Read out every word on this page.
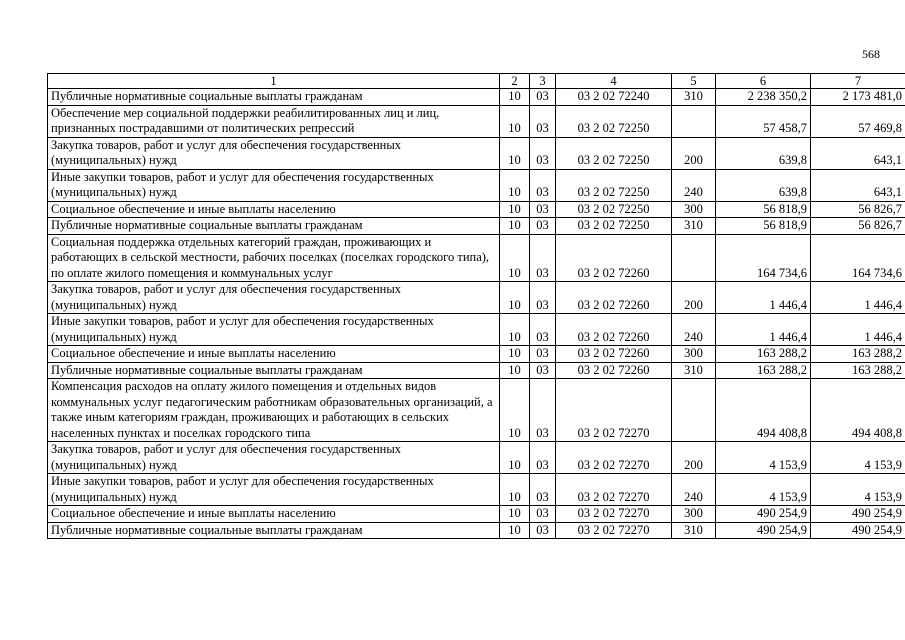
568
1	2	3	4	5	6	7
Публичные нормативные социальные выплаты гражданам	10	03	03 2 02 72240	310	2 238 350,2	2 173 481,0
Обеспечение мер социальной поддержки реабилитированных лиц и лиц, признанных пострадавшими от политических репрессий	10	03	03 2 02 72250		57 458,7	57 469,8
Закупка товаров, работ и услуг для обеспечения государственных (муниципальных) нужд	10	03	03 2 02 72250	200	639,8	643,1
Иные закупки товаров, работ и услуг для обеспечения государственных (муниципальных) нужд	10	03	03 2 02 72250	240	639,8	643,1
Социальное обеспечение и иные выплаты населению	10	03	03 2 02 72250	300	56 818,9	56 826,7
Публичные нормативные социальные выплаты гражданам	10	03	03 2 02 72250	310	56 818,9	56 826,7
Социальная поддержка отдельных категорий граждан, проживающих и работающих в сельской местности, рабочих поселках (поселках городского типа), по оплате жилого помещения и коммунальных услуг	10	03	03 2 02 72260		164 734,6	164 734,6
Закупка товаров, работ и услуг для обеспечения государственных (муниципальных) нужд	10	03	03 2 02 72260	200	1 446,4	1 446,4
Иные закупки товаров, работ и услуг для обеспечения государственных (муниципальных) нужд	10	03	03 2 02 72260	240	1 446,4	1 446,4
Социальное обеспечение и иные выплаты населению	10	03	03 2 02 72260	300	163 288,2	163 288,2
Публичные нормативные социальные выплаты гражданам	10	03	03 2 02 72260	310	163 288,2	163 288,2
Компенсация расходов на оплату жилого помещения и отдельных видов коммунальных услуг педагогическим работникам образовательных организаций, а также иным категориям граждан, проживающих и работающих в сельских населенных пунктах и поселках городского типа	10	03	03 2 02 72270		494 408,8	494 408,8
Закупка товаров, работ и услуг для обеспечения государственных (муниципальных) нужд	10	03	03 2 02 72270	200	4 153,9	4 153,9
Иные закупки товаров, работ и услуг для обеспечения государственных (муниципальных) нужд	10	03	03 2 02 72270	240	4 153,9	4 153,9
Социальное обеспечение и иные выплаты населению	10	03	03 2 02 72270	300	490 254,9	490 254,9
Публичные нормативные социальные выплаты гражданам	10	03	03 2 02 72270	310	490 254,9	490 254,9
